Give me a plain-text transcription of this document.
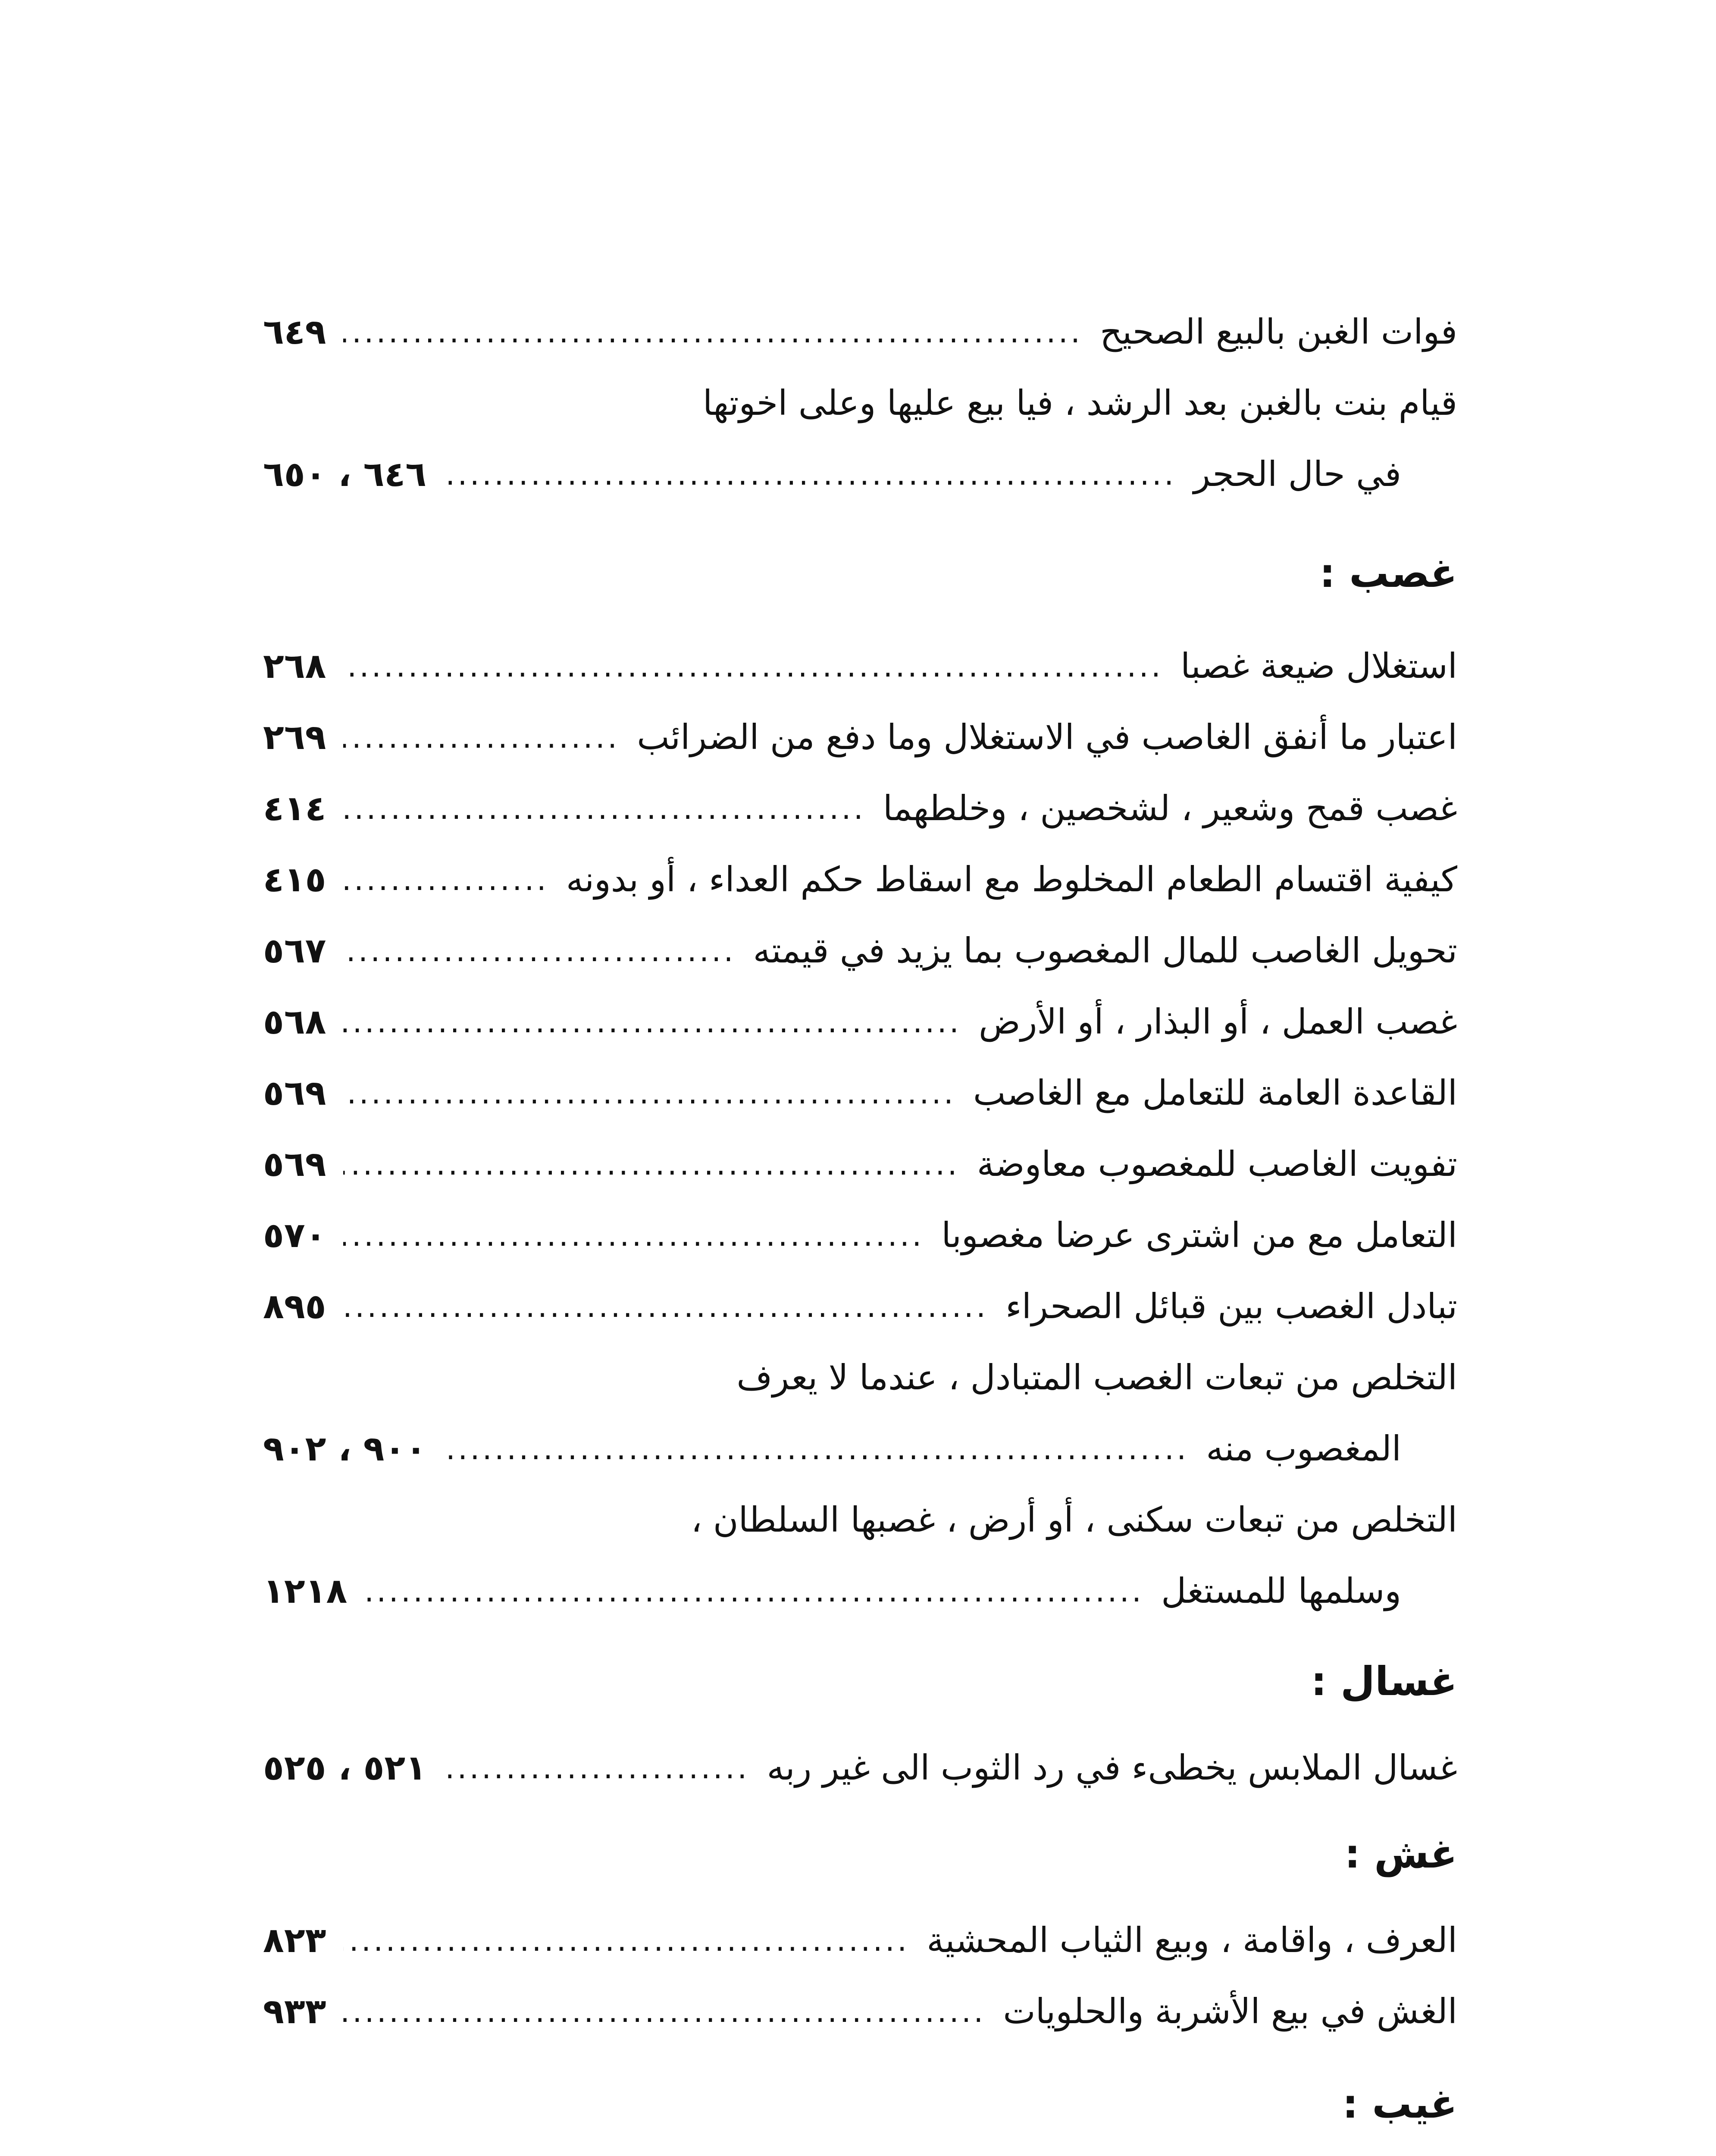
فوات الغبن بالبيع الصحيح
.....
٦٤٩
قيام بنت بالغبن بعد الرشد ، فيا بيع عليها وعلى اخوتها
في حال الحجر
.....
٦٤٦ ، ٦٥٠
غصب :
استغلال ضيعة غصبا
.....
٢٦٨
اعتبار ما أنفق الغاصب في الاستغلال وما دفع من الضرائب
.....
٢٦٩
غصب قمح وشعير ، لشخصين ، وخلطهما
.....
٤١٤
كيفية اقتسام الطعام المخلوط مع اسقاط حكم العداء ، أو بدونه
.....
٤١٥
تحويل الغاصب للمال المغصوب بما يزيد في قيمته
.....
٥٦٧
غصب العمل ، أو البذار ، أو الأرض
.....
٥٦٨
القاعدة العامة للتعامل مع الغاصب
.....
٥٦٩
تفويت الغاصب للمغصوب معاوضة
.....
٥٦٩
التعامل مع من اشترى عرضا مغصوبا
.....
٥٧٠
تبادل الغصب بين قبائل الصحراء
.....
٨٩٥
التخلص من تبعات الغصب المتبادل ، عندما لا يعرف
المغصوب منه
.....
٩٠٠ ، ٩٠٢
التخلص من تبعات سكنى ، أو أرض ، غصبها السلطان ،
وسلمها للمستغل
.....
١٢١٨
غسال :
غسال الملابس يخطىء في رد الثوب الى غير ربه
.....
٥٢١ ، ٥٢٥
غش :
العرف ، واقامة ، وبيع الثياب المحشية
.....
٨٢٣
الغش في بيع الأشربة والحلويات
.....
٩٣٣
غيب :
